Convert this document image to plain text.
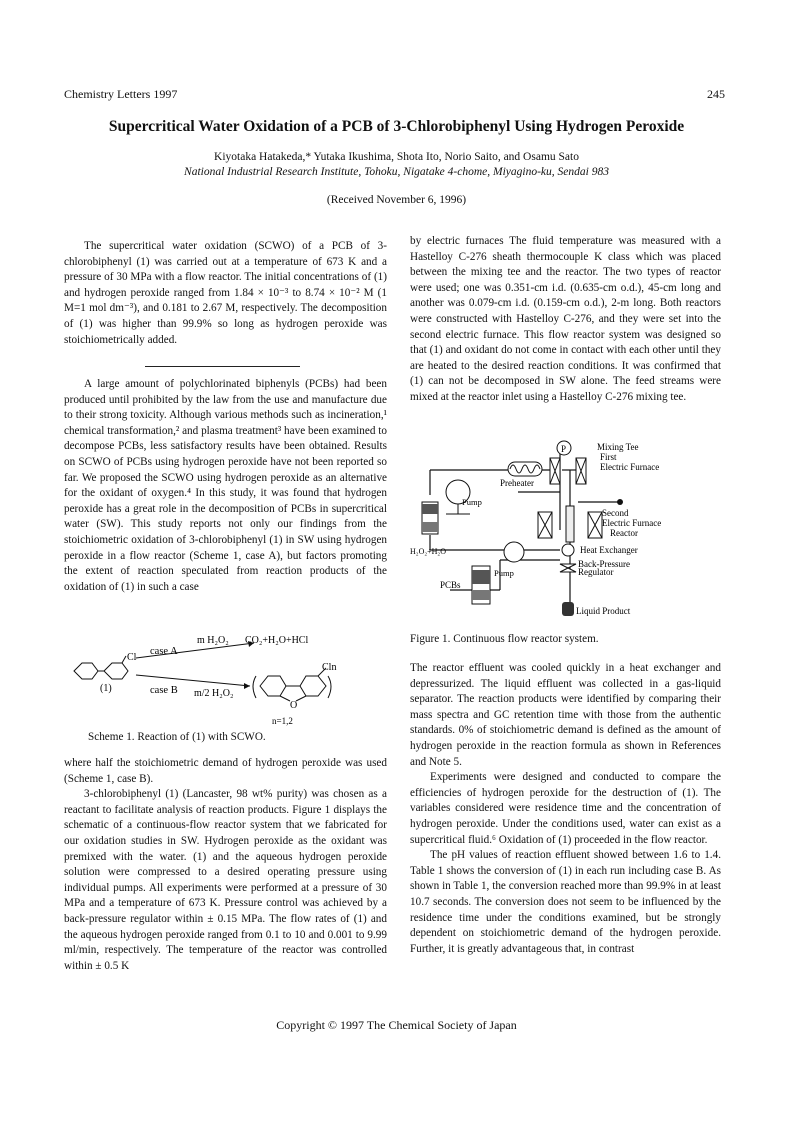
Chemistry Letters 1997	245
Supercritical Water Oxidation of a PCB of 3-Chlorobiphenyl Using Hydrogen Peroxide
Kiyotaka Hatakeda,* Yutaka Ikushima, Shota Ito, Norio Saito, and Osamu Sato
National Industrial Research Institute, Tohoku, Nigatake 4-chome, Miyagino-ku, Sendai 983
(Received November 6, 1996)

The supercritical water oxidation (SCWO) of a PCB of 3-chlorobiphenyl (1) was carried out at a temperature of 673 K and a pressure of 30 MPa with a flow reactor. The initial concentrations of (1) and hydrogen peroxide ranged from 1.84 × 10⁻³ to 8.74 × 10⁻² M (1 M=1 mol dm⁻³), and 0.181 to 2.67 M, respectively. The decomposition of (1) was higher than 99.9% so long as hydrogen peroxide was stoichiometrically added.

A large amount of polychlorinated biphenyls (PCBs) had been produced until prohibited by the law from the use and manufacture due to their strong toxicity. Although various methods such as incineration,¹ chemical transformation,² and plasma treatment³ have been examined to decompose PCBs, less satisfactory results have been obtained. Results on SCWO of PCBs using hydrogen peroxide have not been reported so far. We proposed the SCWO using hydrogen peroxide as an alternative for the oxidant of oxygen.⁴ In this study, it was found that hydrogen peroxide has a great role in the decomposition of PCBs in supercritical water (SW). This study reports not only our findings from the stoichiometric oxidation of 3-chlorobiphenyl (1) in SW using hydrogen peroxide in a flow reactor (Scheme 1, case A), but factors promoting the extent of reaction speculated from reaction products of the oxidation of (1) in such a case

Cl
(1)
case A
m H₂O₂ CO₂+H₂O+HCl
case B m/2 H₂O₂
O
Cln
n=1,2
Scheme 1. Reaction of (1) with SCWO.

where half the stoichiometric demand of hydrogen peroxide was used (Scheme 1, case B).

3-chlorobiphenyl (1) (Lancaster, 98 wt% purity) was chosen as a reactant to facilitate analysis of reaction products. Figure 1 displays the schematic of a continuous-flow reactor system that we fabricated for our oxidation studies in SW. Hydrogen peroxide as the oxidant was premixed with the water. (1) and the aqueous hydrogen peroxide solution were compressed to a desired operating pressure using individual pumps. All experiments were performed at a pressure of 30 MPa and a temperature of 673 K. Pressure control was achieved by a back-pressure regulator within ± 0.15 MPa. The flow rates of (1) and the aqueous hydrogen peroxide ranged from 0.1 to 10 and 0.001 to 9.99 ml/min, respectively. The temperature of the reactor was controlled within ± 0.5 K

by electric furnaces The fluid temperature was measured with a Hastelloy C-276 sheath thermocouple K class which was placed between the mixing tee and the reactor. The two types of reactor were used; one was 0.351-cm i.d. (0.635-cm o.d.), 45-cm long and another was 0.079-cm i.d. (0.159-cm o.d.), 2-m long. Both reactors were constructed with Hastelloy C-276, and they were set into the second electric furnace. This flow reactor system was designed so that (1) and oxidant do not come in contact with each other until they are heated to the desired reaction conditions. It was confirmed that (1) can not be decomposed in SW alone. The feed streams were mixed at the reactor inlet using a Hastelloy C-276 mixing tee.

P
Preheater
Pump
H₂O₂+H₂O
Mixing Tee
First
Electric Furnace
Second
Electric Furnace
Reactor
Pump
Heat Exchanger
Back-Pressure
Regulator
PCBs
Liquid Product
Figure 1. Continuous flow reactor system.

The reactor effluent was cooled quickly in a heat exchanger and depressurized. The liquid effluent was collected in a gas-liquid separator. The reaction products were identified by comparing their mass spectra and GC retention time with those from the authentic standards. 0% of stoichiometric demand is defined as the amount of hydrogen peroxide in the reaction formula as shown in References and Note 5.

Experiments were designed and conducted to compare the efficiencies of hydrogen peroxide for the destruction of (1). The variables considered were residence time and the concentration of hydrogen peroxide. Under the conditions used, water can exist as a supercritical fluid.⁶ Oxidation of (1) proceeded in the flow reactor.

The pH values of reaction effluent showed between 1.6 to 1.4. Table 1 shows the conversion of (1) in each run including case B. As shown in Table 1, the conversion reached more than 99.9% in at least 10.7 seconds. The conversion does not seem to be influenced by the residence time under the conditions examined, but be strongly dependent on stoichiometric demand of the hydrogen peroxide. Further, it is greatly advantageous that, in contrast

Copyright © 1997 The Chemical Society of Japan
